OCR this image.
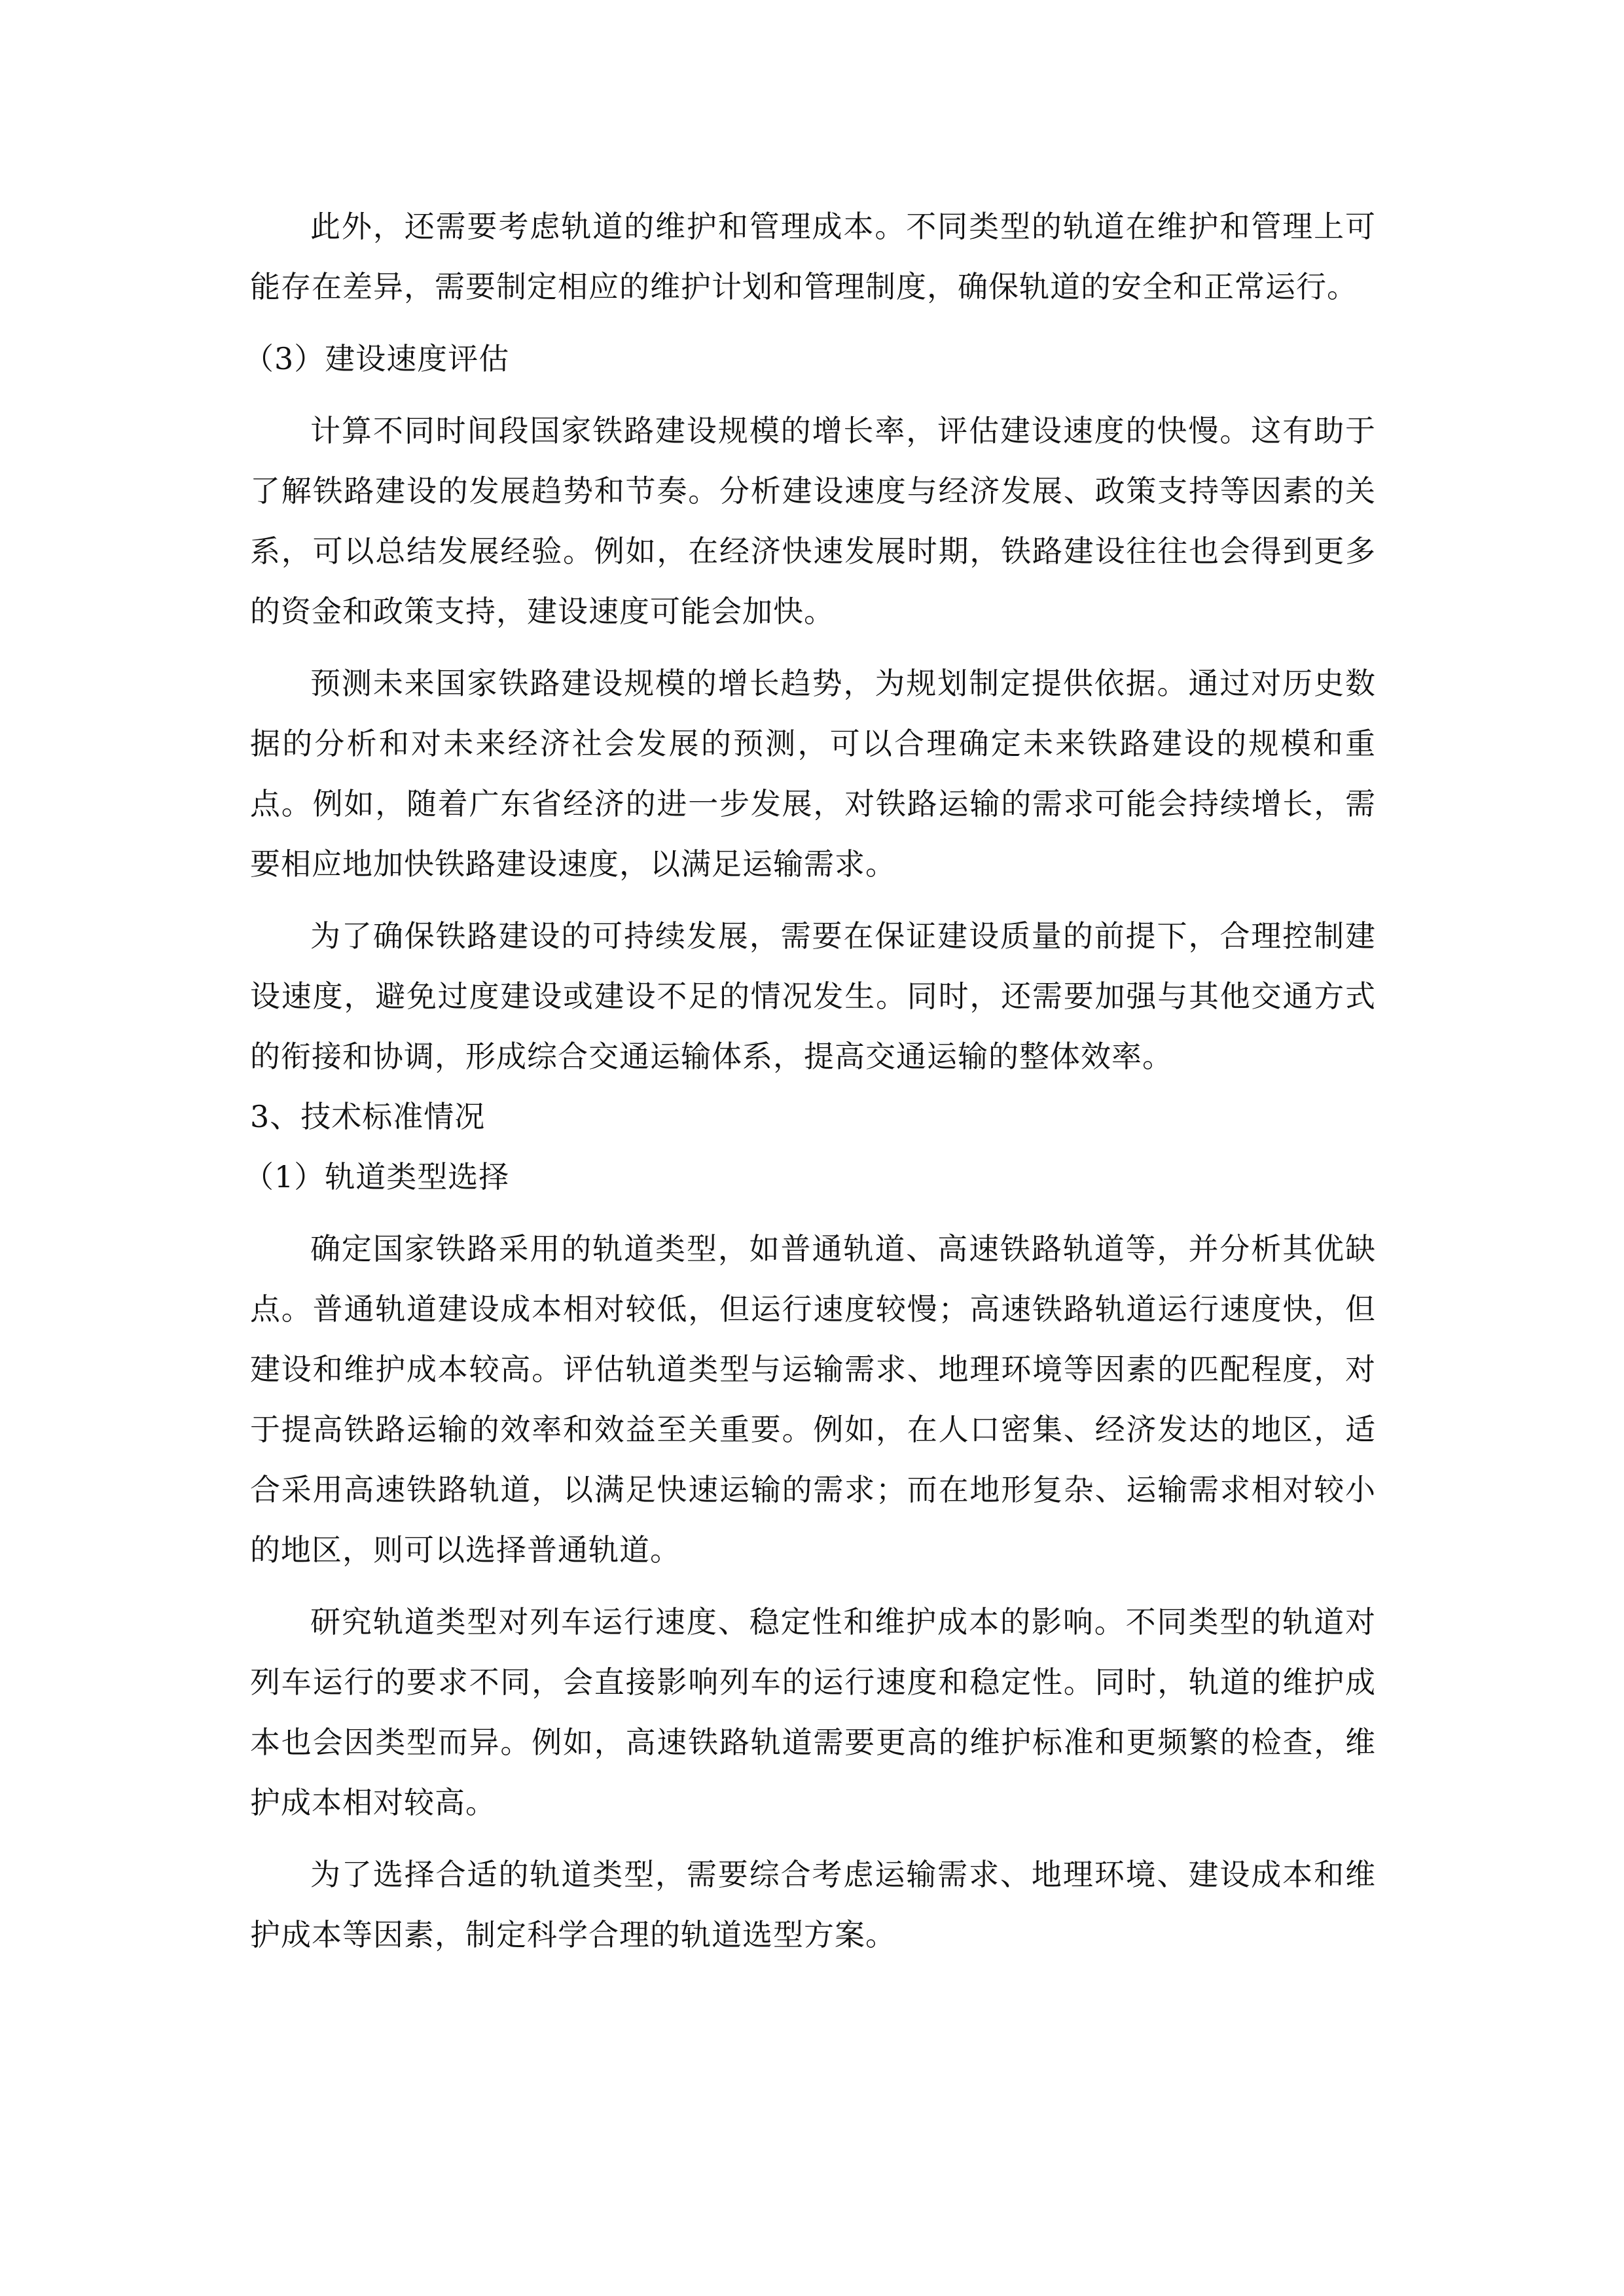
此外，还需要考虑轨道的维护和管理成本。不同类型的轨道在维护和管理上可能存在差异，需要制定相应的维护计划和管理制度，确保轨道的安全和正常运行。

（3）建设速度评估

计算不同时间段国家铁路建设规模的增长率，评估建设速度的快慢。这有助于了解铁路建设的发展趋势和节奏。分析建设速度与经济发展、政策支持等因素的关系，可以总结发展经验。例如，在经济快速发展时期，铁路建设往往也会得到更多的资金和政策支持，建设速度可能会加快。

预测未来国家铁路建设规模的增长趋势，为规划制定提供依据。通过对历史数据的分析和对未来经济社会发展的预测，可以合理确定未来铁路建设的规模和重点。例如，随着广东省经济的进一步发展，对铁路运输的需求可能会持续增长，需要相应地加快铁路建设速度，以满足运输需求。

为了确保铁路建设的可持续发展，需要在保证建设质量的前提下，合理控制建设速度，避免过度建设或建设不足的情况发生。同时，还需要加强与其他交通方式的衔接和协调，形成综合交通运输体系，提高交通运输的整体效率。

3、技术标准情况

（1）轨道类型选择

确定国家铁路采用的轨道类型，如普通轨道、高速铁路轨道等，并分析其优缺点。普通轨道建设成本相对较低，但运行速度较慢；高速铁路轨道运行速度快，但建设和维护成本较高。评估轨道类型与运输需求、地理环境等因素的匹配程度，对于提高铁路运输的效率和效益至关重要。例如，在人口密集、经济发达的地区，适合采用高速铁路轨道，以满足快速运输的需求；而在地形复杂、运输需求相对较小的地区，则可以选择普通轨道。

研究轨道类型对列车运行速度、稳定性和维护成本的影响。不同类型的轨道对列车运行的要求不同，会直接影响列车的运行速度和稳定性。同时，轨道的维护成本也会因类型而异。例如，高速铁路轨道需要更高的维护标准和更频繁的检查，维护成本相对较高。

为了选择合适的轨道类型，需要综合考虑运输需求、地理环境、建设成本和维护成本等因素，制定科学合理的轨道选型方案。
